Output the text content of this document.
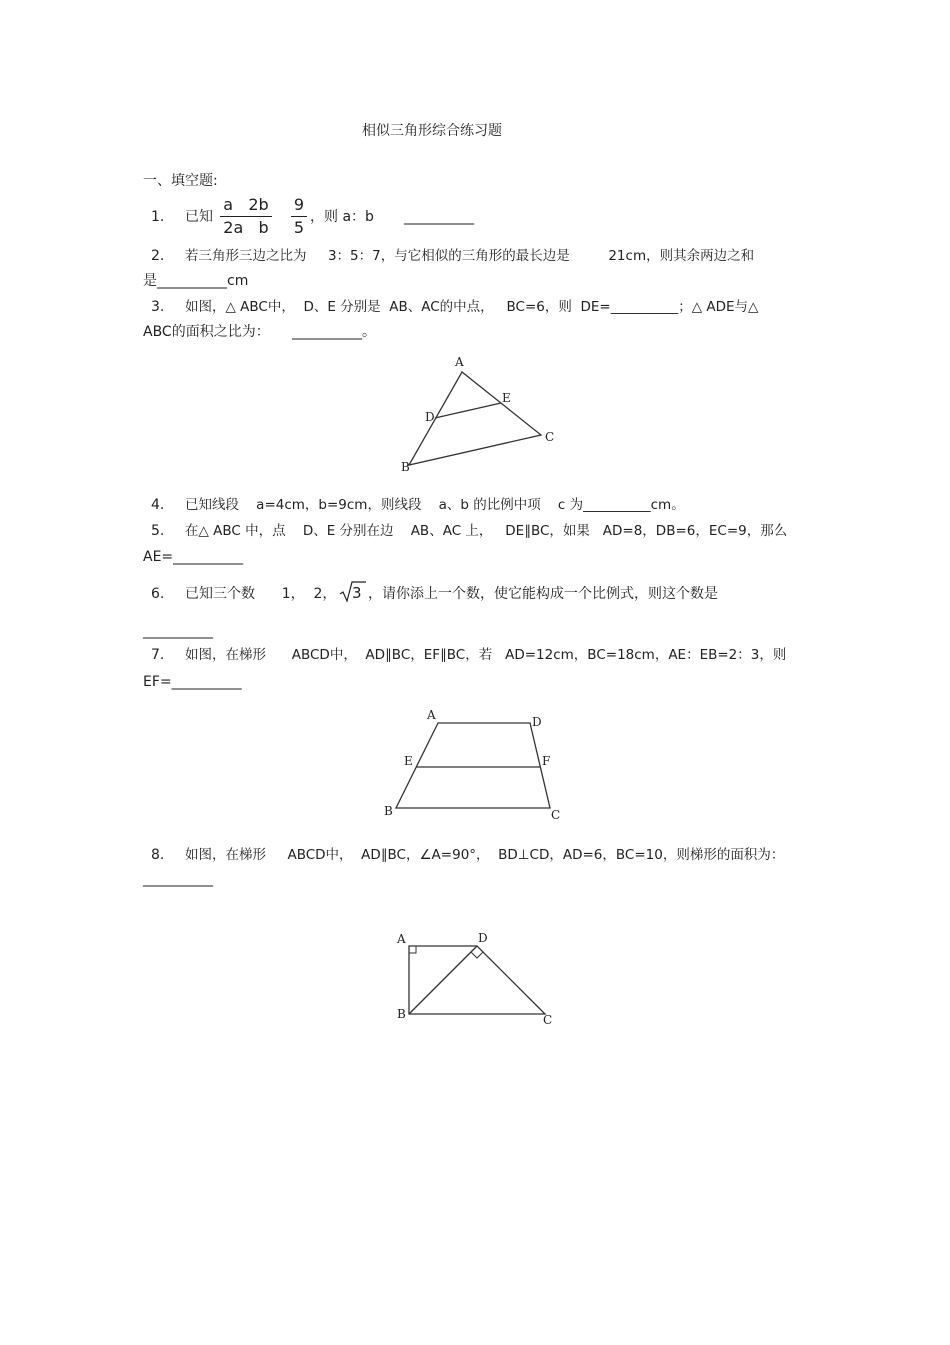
相似三角形综合练习题
一、填空题:
1. 已知
a   2b
2a   b
9
5
，则 a：b __________
2. 若三角形三边之比为     3：5：7，与它相似的三角形的最长边是         21cm，则其余两边之和
是__________cm
3. 如图，△ ABC中，  D、E 分别是  AB、AC的中点，   BC=6，则  DE=__________；△ ADE与△
ABC的面积之比为：     __________。
A
B
C
D
E
4. 已知线段    a=4cm，b=9cm，则线段    a、b 的比例中项    c 为__________cm。
5. 在△ ABC 中，点    D、E 分别在边    AB、AC 上，   DE∥BC，如果   AD=8，DB=6，EC=9，那么
AE=__________
6. 已知三个数      1，  2， 3 ，请你添上一个数，使它能构成一个比例式，则这个数是
__________
7. 如图，在梯形      ABCD中，  AD∥BC，EF∥BC，若   AD=12cm，BC=18cm，AE：EB=2：3，则
EF=__________
A	D
E	F
B	C
8. 如图，在梯形     ABCD中，  AD∥BC，∠A=90°，  BD⊥CD，AD=6，BC=10，则梯形的面积为：
__________
A	D
B	C
